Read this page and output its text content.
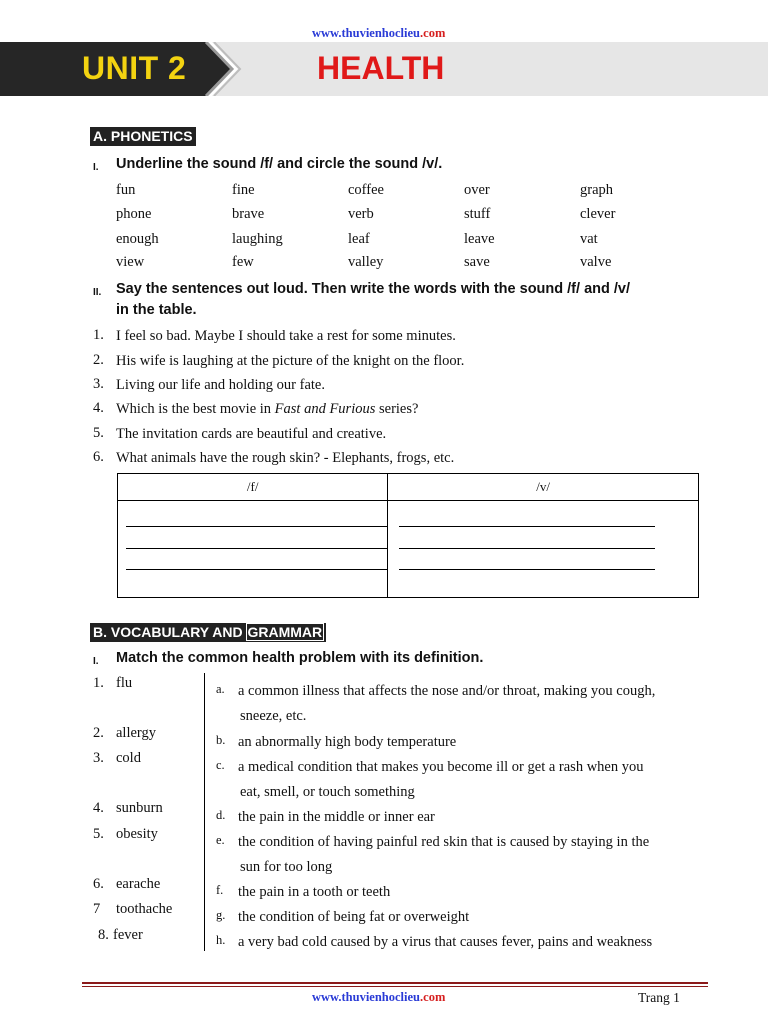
www.thuvienhoclieu.com
UNIT 2	HEALTH
A. PHONETICS
I. Underline the sound /f/ and circle the sound /v/.
fun	fine	coffee	over	graph
phone	brave	verb	stuff	clever
enough	laughing	leaf	leave	vat
view	few	valley	save	valve
II. Say the sentences out loud. Then write the words with the sound /f/ and /v/
in the table.
1. I feel so bad. Maybe I should take a rest for some minutes.
2. His wife is laughing at the picture of the knight on the floor.
3. Living our life and holding our fate.
4. Which is the best movie in Fast and Furious series?
5. The invitation cards are beautiful and creative.
6. What animals have the rough skin? - Elephants, frogs, etc.
/f/	/v/

B. VOCABULARY AND GRAMMAR
I. Match the common health problem with its definition.
1. flu
2. allergy
3. cold
4. sunburn
5. obesity
6. earache
7 toothache
8. fever
a. a common illness that affects the nose and/or throat, making you cough,
sneeze, etc.
b. an abnormally high body temperature
c. a medical condition that makes you become ill or get a rash when you
eat, smell, or touch something
d. the pain in the middle or inner ear
e. the condition of having painful red skin that is caused by staying in the
sun for too long
f. the pain in a tooth or teeth
g. the condition of being fat or overweight
h. a very bad cold caused by a virus that causes fever, pains and weakness
www.thuvienhoclieu.com	Trang 1
